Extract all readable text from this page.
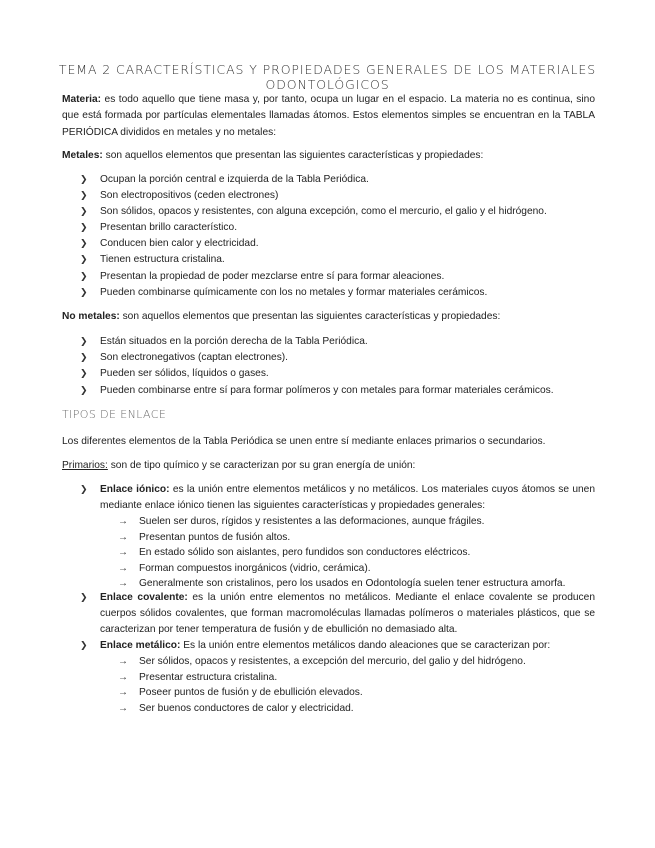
TEMA 2 CARACTERÍSTICAS Y PROPIEDADES GENERALES DE LOS MATERIALES ODONTOLÓGICOS
Materia: es todo aquello que tiene masa y, por tanto, ocupa un lugar en el espacio. La materia no es continua, sino que está formada por partículas elementales llamadas átomos. Estos elementos simples se encuentran en la TABLA PERIÓDICA divididos en metales y no metales:
Metales: son aquellos elementos que presentan las siguientes características y propiedades:
❯ Ocupan la porción central e izquierda de la Tabla Periódica.
❯ Son electropositivos (ceden electrones)
❯ Son sólidos, opacos y resistentes, con alguna excepción, como el mercurio, el galio y el hidrógeno.
❯ Presentan brillo característico.
❯ Conducen bien calor y electricidad.
❯ Tienen estructura cristalina.
❯ Presentan la propiedad de poder mezclarse entre sí para formar aleaciones.
❯ Pueden combinarse químicamente con los no metales y formar materiales cerámicos.
No metales: son aquellos elementos que presentan las siguientes características y propiedades:
❯ Están situados en la porción derecha de la Tabla Periódica.
❯ Son electronegativos (captan electrones).
❯ Pueden ser sólidos, líquidos o gases.
❯ Pueden combinarse entre sí para formar polímeros y con metales para formar materiales cerámicos.
TIPOS DE ENLACE
Los diferentes elementos de la Tabla Periódica se unen entre sí mediante enlaces primarios o secundarios.
Primarios: son de tipo químico y se caracterizan por su gran energía de unión:
❯ Enlace iónico: es la unión entre elementos metálicos y no metálicos. Los materiales cuyos átomos se unen mediante enlace iónico tienen las siguientes características y propiedades generales:
→ Suelen ser duros, rígidos y resistentes a las deformaciones, aunque frágiles.
→ Presentan puntos de fusión altos.
→ En estado sólido son aislantes, pero fundidos son conductores eléctricos.
→ Forman compuestos inorgánicos (vidrio, cerámica).
→ Generalmente son cristalinos, pero los usados en Odontología suelen tener estructura amorfa.
❯ Enlace covalente: es la unión entre elementos no metálicos. Mediante el enlace covalente se producen cuerpos sólidos covalentes, que forman macromoléculas llamadas polímeros o materiales plásticos, que se caracterizan por tener temperatura de fusión y de ebullición no demasiado alta.
❯ Enlace metálico: Es la unión entre elementos metálicos dando aleaciones que se caracterizan por:
→ Ser sólidos, opacos y resistentes, a excepción del mercurio, del galio y del hidrógeno.
→ Presentar estructura cristalina.
→ Poseer puntos de fusión y de ebullición elevados.
→ Ser buenos conductores de calor y electricidad.
